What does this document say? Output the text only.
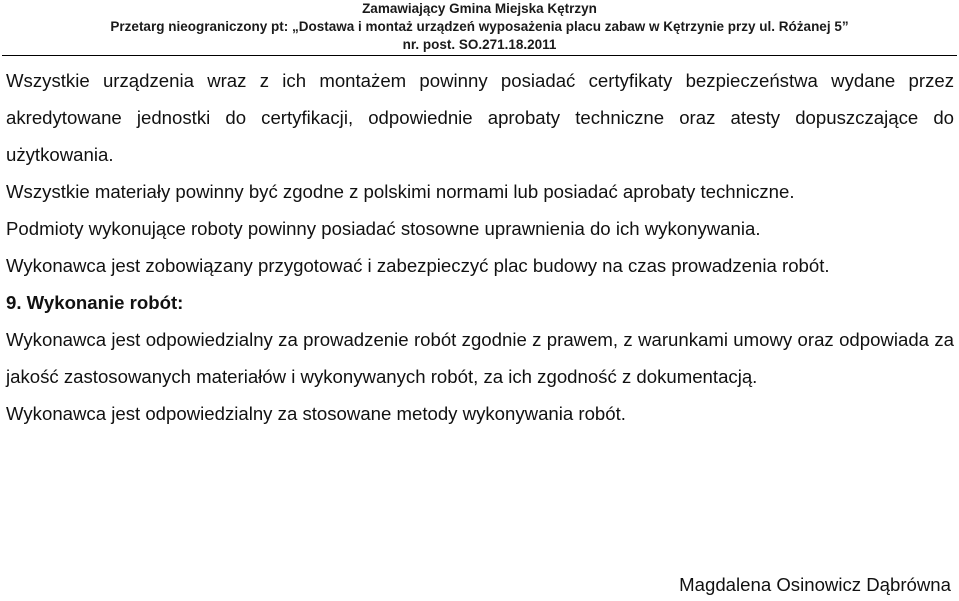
Zamawiający Gmina Miejska Kętrzyn
Przetarg nieograniczony pt: „Dostawa i montaż urządzeń wyposażenia placu zabaw w Kętrzynie przy ul. Różanej 5”
nr. post. SO.271.18.2011

Wszystkie urządzenia wraz z ich montażem powinny posiadać certyfikaty bezpieczeństwa wydane przez akredytowane jednostki do certyfikacji, odpowiednie aprobaty techniczne oraz atesty dopuszczające do użytkowania.

Wszystkie materiały powinny być zgodne z polskimi normami lub posiadać aprobaty techniczne.

Podmioty wykonujące roboty powinny posiadać stosowne uprawnienia do ich wykonywania.

Wykonawca jest zobowiązany przygotować i zabezpieczyć plac budowy na czas prowadzenia robót.

9. Wykonanie robót:

Wykonawca jest odpowiedzialny za prowadzenie robót zgodnie z prawem, z warunkami umowy oraz odpowiada za jakość zastosowanych materiałów i wykonywanych robót, za ich zgodność z dokumentacją.

Wykonawca jest odpowiedzialny za stosowane metody wykonywania robót.

Magdalena Osinowicz Dąbrówna
